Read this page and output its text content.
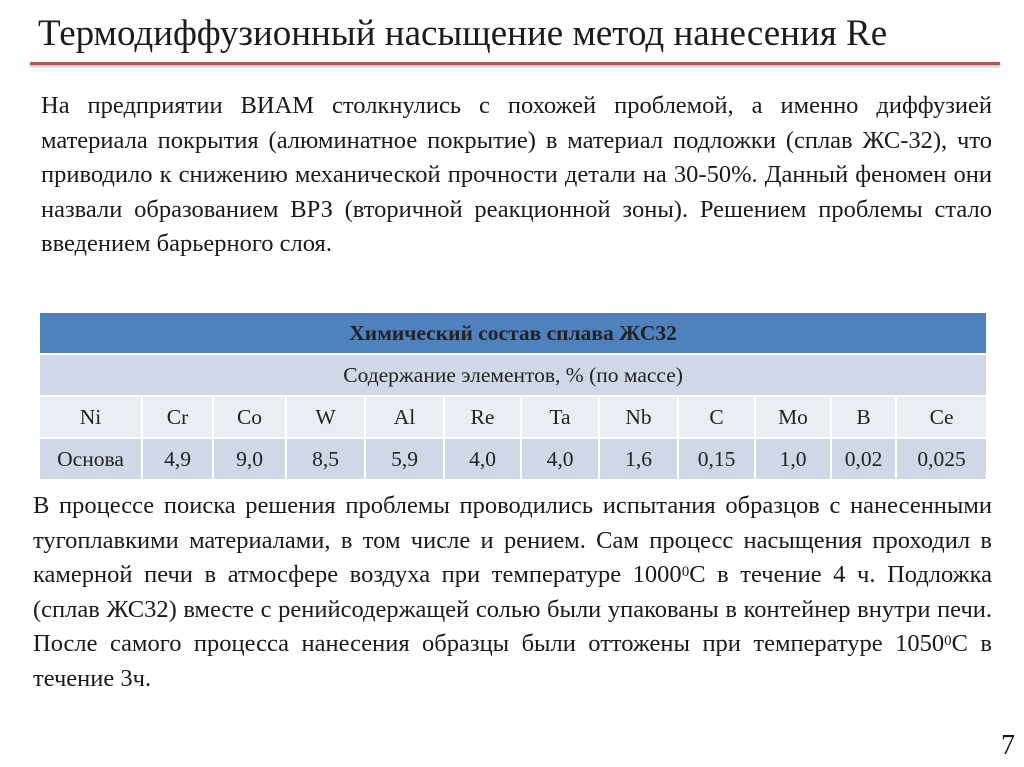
Термодиффузионный насыщение метод нанесения Re

На предприятии ВИАМ столкнулись с похожей проблемой, а именно диффузией материала покрытия (алюминатное покрытие) в материал подложки (сплав ЖС-32), что приводило к снижению механической прочности детали на 30-50%. Данный феномен они назвали образованием ВРЗ (вторичной реакционной зоны). Решением проблемы стало введением барьерного слоя.

Химический состав сплава ЖС32											
Содержание элементов, % (по массе)											
Ni	Cr	Co	W	Al	Re	Ta	Nb	C	Mo	B	Ce
Основа	4,9	9,0	8,5	5,9	4,0	4,0	1,6	0,15	1,0	0,02	0,025

В процессе поиска решения проблемы проводились испытания образцов с нанесенными тугоплавкими материалами, в том числе и рением. Сам процесс насыщения проходил в камерной печи в атмосфере воздуха при температуре 1000$^0$С в течение 4 ч. Подложка (сплав ЖС32) вместе с ренийсодержащей солью были упакованы в контейнер внутри печи. После самого процесса нанесения образцы были оттожены при температуре 1050$^0$С в течение 3ч.

7
